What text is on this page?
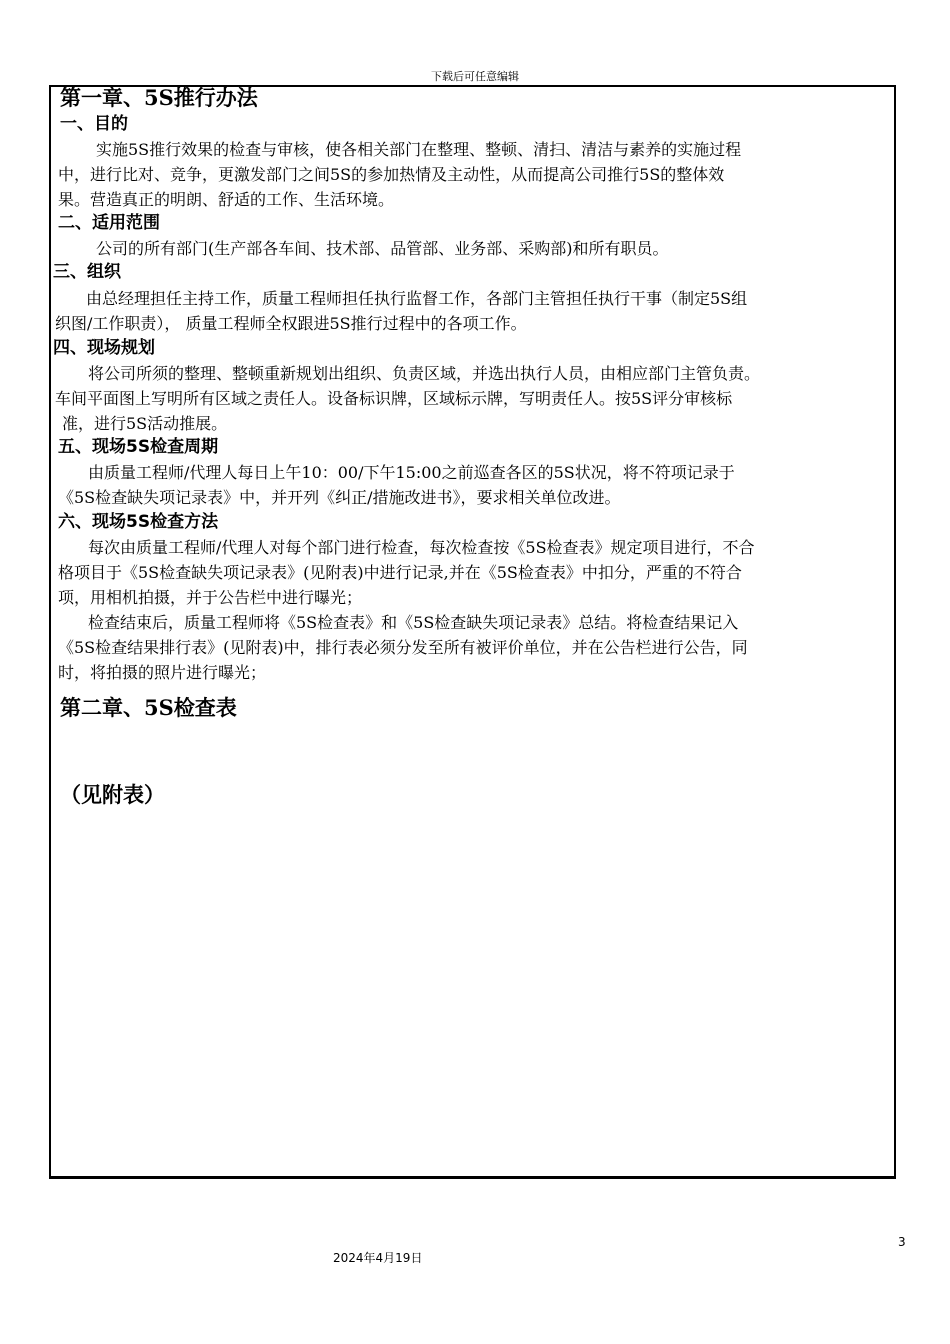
下载后可任意编辑
第一章、5S推行办法
一、目的
实施5S推行效果的检查与审核，使各相关部门在整理、整顿、清扫、清洁与素养的实施过程
中，进行比对、竞争，更激发部门之间5S的参加热情及主动性，从而提高公司推行5S的整体效
果。营造真正的明朗、舒适的工作、生活环境。
二、适用范围
公司的所有部门(生产部各车间、技术部、品管部、业务部、采购部)和所有职员。
三、组织
由总经理担任主持工作，质量工程师担任执行监督工作，各部门主管担任执行干事（制定5S组
织图/工作职责）， 质量工程师全权跟进5S推行过程中的各项工作。
四、现场规划
将公司所须的整理、整顿重新规划出组织、负责区域，并选出执行人员，由相应部门主管负责。
车间平面图上写明所有区域之责任人。设备标识牌，区域标示牌，写明责任人。按5S评分审核标
准，进行5S活动推展。
五、现场5S检查周期
由质量工程师/代理人每日上午10：00/下午15:00之前巡查各区的5S状况，将不符项记录于
《5S检查缺失项记录表》中，并开列《纠正/措施改进书》，要求相关单位改进。
六、现场5S检查方法
每次由质量工程师/代理人对每个部门进行检查，每次检查按《5S检查表》规定项目进行，不合
格项目于《5S检查缺失项记录表》(见附表)中进行记录,并在《5S检查表》中扣分，严重的不符合
项，用相机拍摄，并于公告栏中进行曝光；
检查结束后，质量工程师将《5S检查表》和《5S检查缺失项记录表》总结。将检查结果记入
《5S检查结果排行表》(见附表)中，排行表必须分发至所有被评价单位，并在公告栏进行公告，同
时，将拍摄的照片进行曝光；
第二章、5S检查表
（见附表）
3
2024年4月19日
